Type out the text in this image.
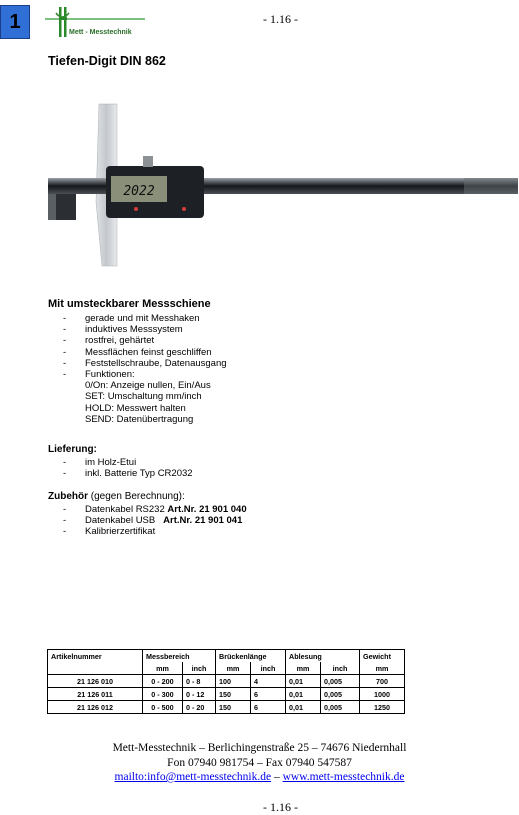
1	Mett - Messtechnik
- 1.16 -
Tiefen-Digit DIN 862
2022
Mit umsteckbarer Messschiene
-	gerade und mit Messhaken
-	induktives Messsystem
-	rostfrei, gehärtet
-	Messflächen feinst geschliffen
-	Feststellschraube, Datenausgang
-	Funktionen:
0/On: Anzeige nullen, Ein/Aus
SET: Umschaltung mm/inch
HOLD: Messwert halten
SEND: Datenübertragung
Lieferung:
-	im Holz-Etui
-	inkl. Batterie Typ CR2032
Zubehör (gegen Berechnung):
-	Datenkabel RS232 Art.Nr. 21 901 040
-	Datenkabel USB Art.Nr. 21 901 041
-	Kalibrierzertifikat
Artikelnummer	Messbereich		Brückenlänge		Ablesung		Gewicht
	mm	inch	mm	inch	mm	inch	mm
21 126 010	0 - 200	0 - 8	100	4	0,01	0,005	700
21 126 011	0 - 300	0 - 12	150	6	0,01	0,005	1000
21 126 012	0 - 500	0 - 20	150	6	0,01	0,005	1250
Mett-Messtechnik – Berlichingenstraße 25 – 74676 Niedernhall
Fon 07940 981754 – Fax 07940 547587
mailto:info@mett-messtechnik.de – www.mett-messtechnik.de
- 1.16 -
